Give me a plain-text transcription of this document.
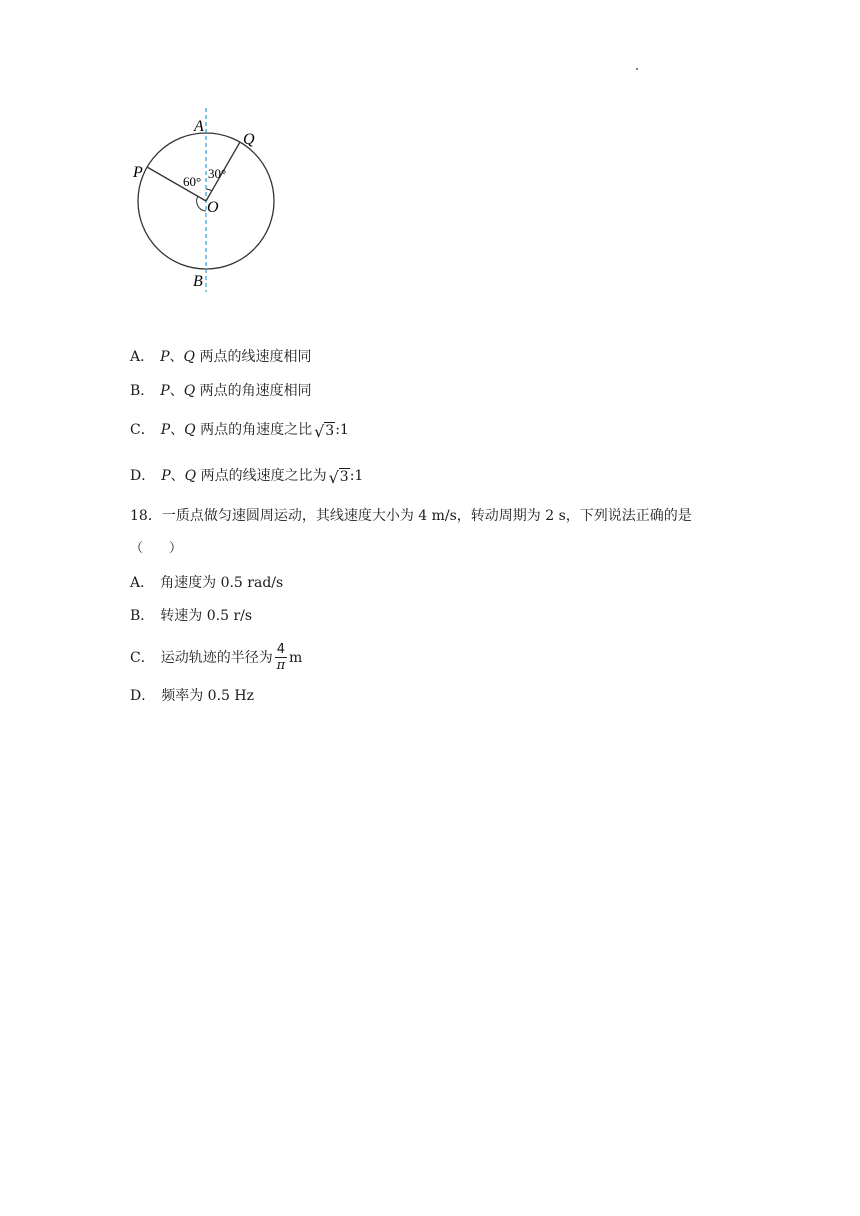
A
Q
P
O
B
60°
30°
A． P 、 Q 两点的线速度相同
B． P 、 Q 两点的角速度相同
C． P 、 Q 两点的角速度之比 √ 3 :1
D． P 、 Q 两点的线速度之比为 √ 3 :1
18．一质点做匀速圆周运动，其线速度大小为 4 m/s，转动周期为 2 s，下列说法正确的是
（　　）
A． 角速度为 0.5 rad/s
B． 转速为 0.5 r/s
C． 运动轨迹的半径为 $\frac{4}{\pi}$ m
D． 频率为 0.5 Hz
